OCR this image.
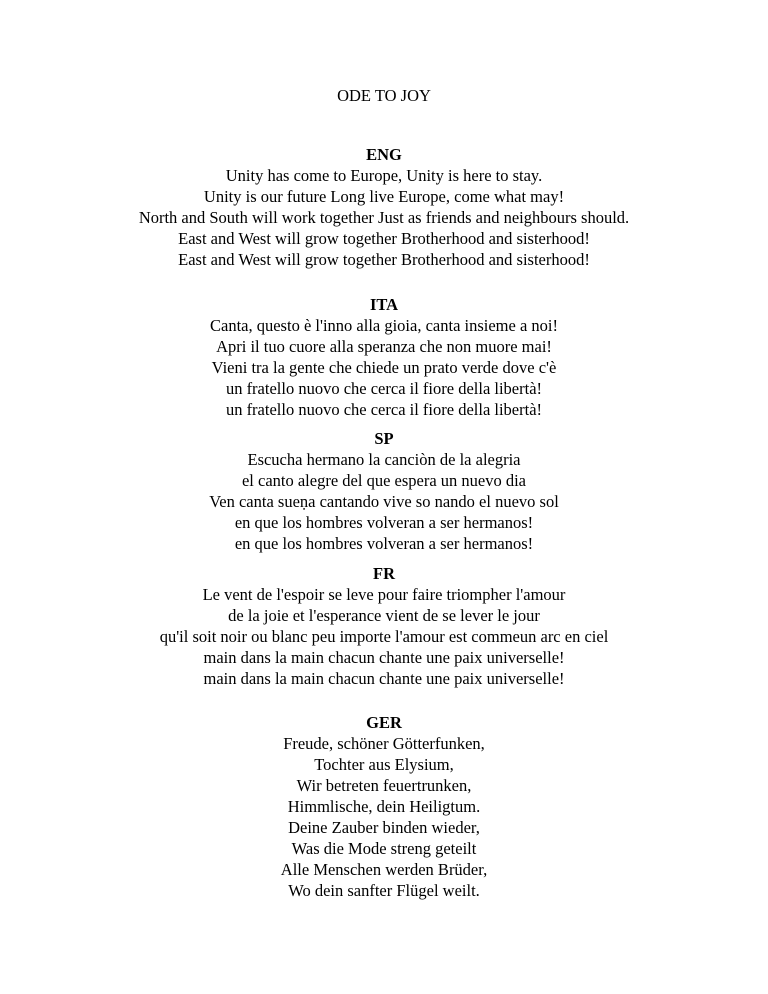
ODE TO JOY
ENG
Unity has come to Europe, Unity is here to stay.
Unity is our future Long live Europe, come what may!
North and South will work together Just as friends and neighbours should.
East and West will grow together Brotherhood and sisterhood!
East and West will grow together Brotherhood and sisterhood!
ITA
Canta, questo è l'inno alla gioia, canta insieme a noi!
Apri il tuo cuore alla speranza che non muore mai!
Vieni tra la gente che chiede un prato verde dove c'è
un fratello nuovo che cerca il fiore della libertà!
un fratello nuovo che cerca il fiore della libertà!
SP
Escucha hermano la canciòn de la alegria
el canto alegre del que espera un nuevo dia
Ven canta sueṇa cantando vive so nando el nuevo sol
en que los hombres volveran a ser hermanos!
en que los hombres volveran a ser hermanos!
FR
Le vent de l'espoir se leve pour faire triompher l'amour
de la joie et l'esperance vient de se lever le jour
qu'il soit noir ou blanc peu importe l'amour est commeun arc en ciel
main dans la main chacun chante une paix universelle!
main dans la main chacun chante une paix universelle!
GER
Freude, schöner Götterfunken,
Tochter aus Elysium,
Wir betreten feuertrunken,
Himmlische, dein Heiligtum.
Deine Zauber binden wieder,
Was die Mode streng geteilt
Alle Menschen werden Brüder,
Wo dein sanfter Flügel weilt.
